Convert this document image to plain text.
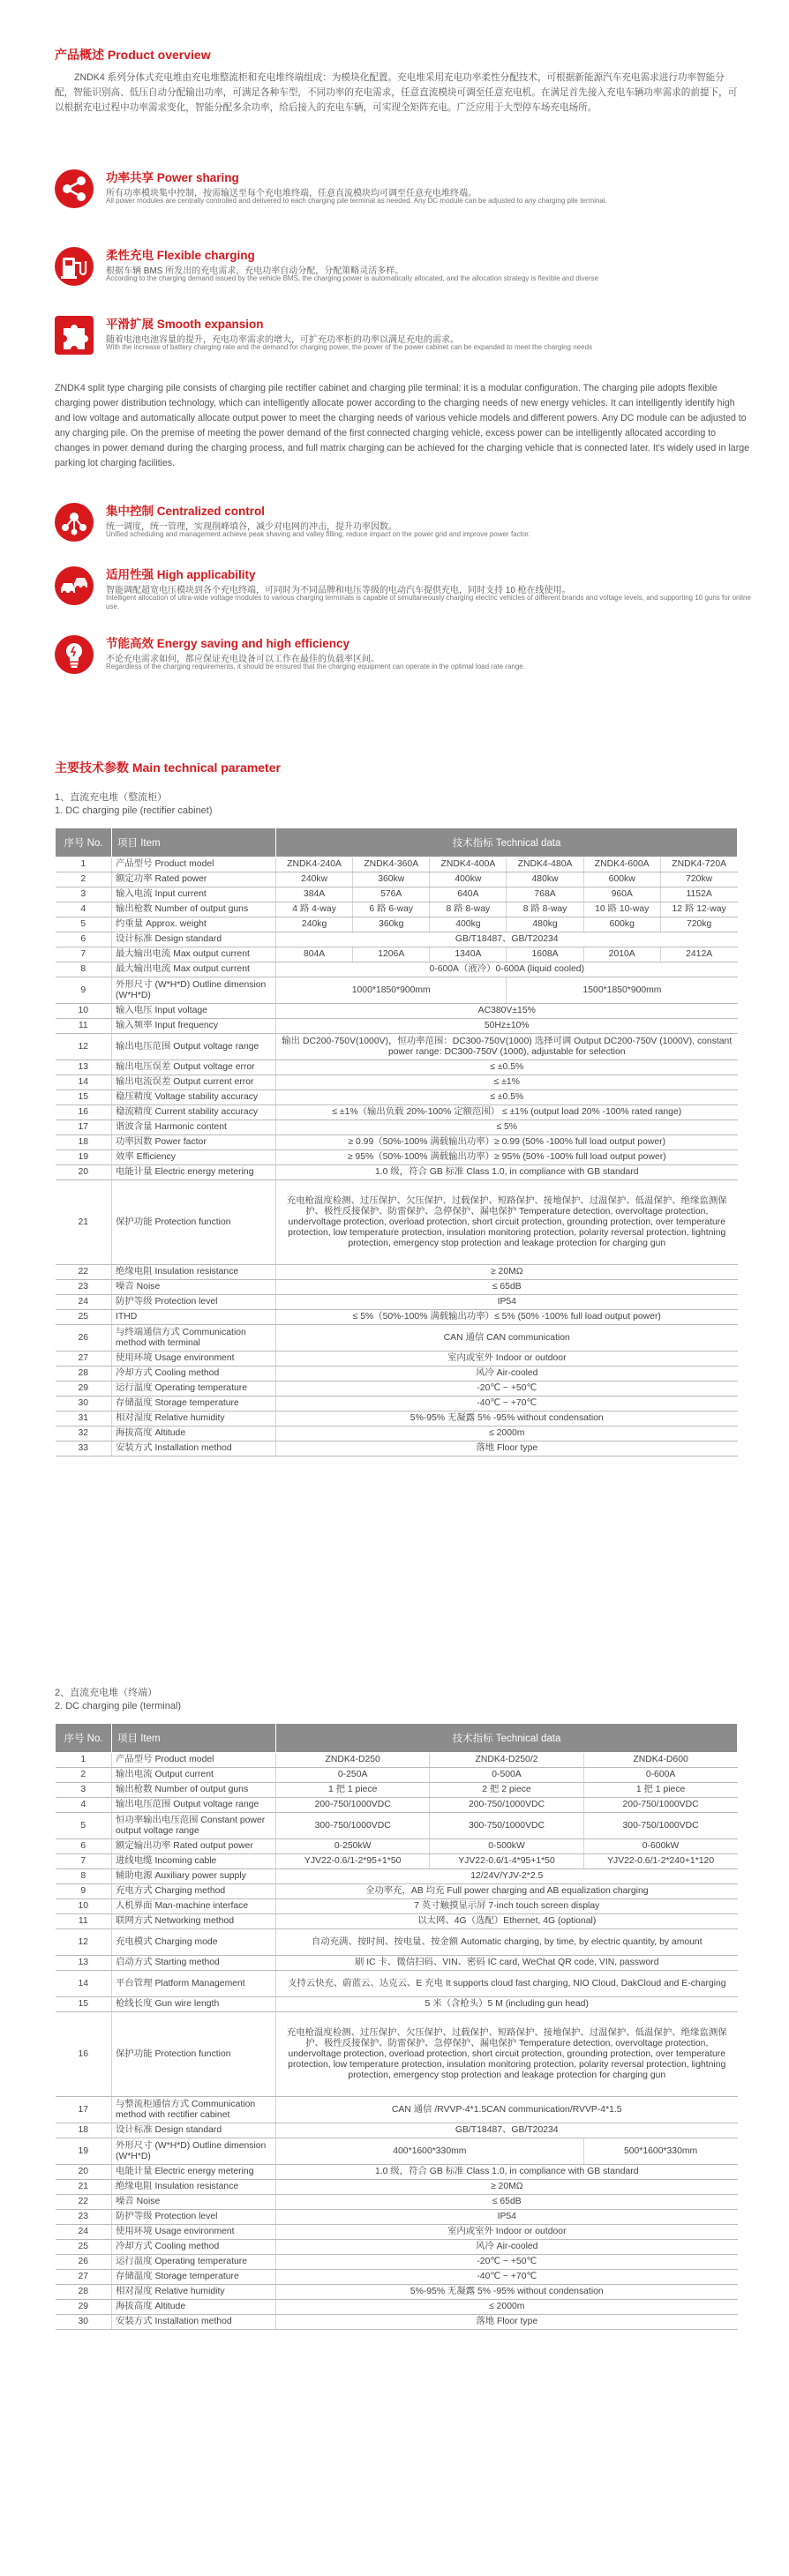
产品概述 Product overview
ZNDK4 系列分体式充电堆由充电堆整流柜和充电堆终端组成：为模块化配置。充电堆采用充电功率柔性分配技术，可根据新能源汽车充电需求进行功率智能分配，智能识别高、低压自动分配输出功率，可满足各种车型，不同功率的充电需求，任意直流模块可调至任意充电机。在满足首先接入充电车辆功率需求的前提下，可以根据充电过程中功率需求变化，智能分配多余功率，给后接入的充电车辆，可实现全矩阵充电。广泛应用于大型停车场充电场所。
功率共享 Power sharing
所有功率模块集中控制，按需输送至每个充电堆终端，任意直流模块均可调至任意充电堆终端。
All power modules are centrally controlled and delivered to each charging pile terminal as needed. Any DC module can be adjusted to any charging pile terminal.
柔性充电 Flexible charging
根据车辆 BMS 所发出的充电需求，充电功率自动分配，分配策略灵活多样。
According to the charging demand issued by the vehicle BMS, the charging power is automatically allocated, and the allocation strategy is flexible and diverse
平滑扩展 Smooth expansion
随着电池电池容量的提升，充电功率需求的增大，可扩充功率柜的功率以满足充电的需求。
With the increase of battery charging rate and the demand for charging power, the power of the power cabinet can be expanded to meet the charging needs
ZNDK4 split type charging pile consists of charging pile rectifier cabinet and charging pile terminal: it is a modular configuration. The charging pile adopts flexible charging power distribution technology, which can intelligently allocate power according to the charging needs of new energy vehicles. It can intelligently identify high and low voltage and automatically allocate output power to meet the charging needs of various vehicle models and different powers. Any DC module can be adjusted to any charging pile. On the premise of meeting the power demand of the first connected charging vehicle, excess power can be intelligently allocated according to changes in power demand during the charging process, and full matrix charging can be achieved for the charging vehicle that is connected later. It's widely used in large parking lot charging facilities.
集中控制 Centralized control
统一调度，统一管理，实现削峰填谷，减少对电网的冲击，提升功率因数。
Unified scheduling and management achieve peak shaving and valley filling, reduce impact on the power grid and improve power factor.
适用性强 High applicability
智能调配超宽电压模块到各个充电终端，可同时为不同品牌和电压等级的电动汽车提供充电，同时支持 10 枪在线使用。
Intelligent allocation of ultra-wide voltage modules to various charging terminals is capable of simultaneously charging electric vehicles of different brands and voltage levels, and supporting 10 guns for online use.
节能高效 Energy saving and high efficiency
不论充电需求如何，都应保证充电设备可以工作在最佳的负载率区间。
Regardless of the charging requirements, it should be ensured that the charging equipment can operate in the optimal load rate range.
主要技术参数 Main technical parameter
1、直流充电堆（整流柜）
1. DC charging pile (rectifier cabinet)
序号 No.	项目 Item	技术指标 Technical data					
1	产品型号 Product model	ZNDK4-240A	ZNDK4-360A	ZNDK4-400A	ZNDK4-480A	ZNDK4-600A	ZNDK4-720A
2	额定功率 Rated power	240kw	360kw	400kw	480kw	600kw	720kw
3	输入电流 Input current	384A	576A	640A	768A	960A	1152A
4	输出枪数 Number of output guns	4 路 4-way	6 路 6-way	8 路 8-way	8 路 8-way	10 路 10-way	12 路 12-way
5	约重量 Approx. weight	240kg	360kg	400kg	480kg	600kg	720kg
6	设计标准 Design standard	GB/T18487、GB/T20234					
7	最大输出电流 Max output current	804A	1206A	1340A	1608A	2010A	2412A
8	最大输出电流 Max output current	0-600A（液冷）0-600A (liquid cooled)					
9	外形尺寸 (W*H*D) Outline dimension (W*H*D)	1000*1850*900mm			1500*1850*900mm		
10	输入电压 Input voltage	AC380V±15%					
11	输入频率 Input frequency	50Hz±10%					
12	输出电压范围 Output voltage range	输出 DC200-750V(1000V)，恒功率范围：DC300-750V(1000) 选择可调 Output DC200-750V (1000V), constant power range: DC300-750V (1000), adjustable for selection					
13	输出电压误差 Output voltage error	≤ ±0.5%					
14	输出电流误差 Output current error	≤ ±1%					
15	稳压精度 Voltage stability accuracy	≤ ±0.5%					
16	稳流精度 Current stability accuracy	≤ ±1%（输出负载 20%-100% 定额范围） ≤ ±1% (output load 20% -100% rated range)					
17	谐波含量 Harmonic content	≤ 5%					
18	功率因数 Power factor	≥ 0.99（50%-100% 满载输出功率）≥ 0.99 (50% -100% full load output power)					
19	效率 Efficiency	≥ 95%（50%-100% 满载输出功率）≥ 95% (50% -100% full load output power)					
20	电能计量 Electric energy metering	1.0 级，符合 GB 标准 Class 1.0, in compliance with GB standard					
21	保护功能 Protection function	充电枪温度检测、过压保护、欠压保护、过载保护、短路保护、接地保护、过温保护、低温保护、绝缘监测保护、极性反接保护、防雷保护、急停保护、漏电保护 Temperature detection, overvoltage protection, undervoltage protection, overload protection, short circuit protection, grounding protection, over temperature protection, low temperature protection, insulation monitoring protection, polarity reversal protection, lightning protection, emergency stop protection and leakage protection for charging gun					
22	绝缘电阻 Insulation resistance	≥ 20MΩ					
23	噪音 Noise	≤ 65dB					
24	防护等级 Protection level	IP54					
25	ITHD	≤ 5%（50%-100% 满载输出功率）≤ 5% (50% -100% full load output power)					
26	与终端通信方式 Communication method with terminal	CAN 通信 CAN communication					
27	使用环境 Usage environment	室内或室外 Indoor or outdoor					
28	冷却方式 Cooling method	风冷 Air-cooled					
29	运行温度 Operating temperature	-20℃ ~ +50℃					
30	存储温度 Storage temperature	-40℃ ~ +70℃					
31	相对湿度 Relative humidity	5%-95% 无凝露 5% -95% without condensation					
32	海拔高度 Altitude	≤ 2000m					
33	安装方式 Installation method	落地 Floor type					
2、直流充电堆（终端）
2. DC charging pile (terminal)
序号 No.	项目 Item	技术指标 Technical data		
1	产品型号 Product model	ZNDK4-D250	ZNDK4-D250/2	ZNDK4-D600
2	输出电流 Output current	0-250A	0-500A	0-600A
3	输出枪数 Number of output guns	1 把 1 piece	2 把 2 piece	1 把 1 piece
4	输出电压范围 Output voltage range	200-750/1000VDC	200-750/1000VDC	200-750/1000VDC
5	恒功率输出电压范围 Constant power output voltage range	300-750/1000VDC	300-750/1000VDC	300-750/1000VDC
6	额定输出功率 Rated output power	0-250kW	0-500kW	0-600kW
7	进线电缆 Incoming cable	YJV22-0.6/1-2*95+1*50	YJV22-0.6/1-4*95+1*50	YJV22-0.6/1-2*240+1*120
8	辅助电源 Auxiliary power supply	12/24V/YJV-2*2.5		
9	充电方式 Charging method	全功率充，AB 均充 Full power charging and AB equalization charging		
10	人机界面 Man-machine interface	7 英寸触摸显示屏 7-inch touch screen display		
11	联网方式 Networking method	以太网、4G（选配）Ethernet, 4G (optional)		
12	充电模式 Charging mode	自动充满、按时间、按电量、按金额 Automatic charging, by time, by electric quantity, by amount		
13	启动方式 Starting method	刷 IC 卡、微信扫码、VIN、密码 IC card, WeChat QR code, VIN, password		
14	平台管理 Platform Management	支持云快充、蔚蓝云、达克云、E 充电 It supports cloud fast charging, NIO Cloud, DakCloud and E-charging		
15	枪线长度 Gun wire length	5 米（含枪头）5 M (including gun head)		
16	保护功能 Protection function	充电枪温度检测、过压保护、欠压保护、过载保护、短路保护、接地保护、过温保护、低温保护、绝缘监测保护、极性反接保护、防雷保护、急停保护、漏电保护 Temperature detection, overvoltage protection, undervoltage protection, overload protection, short circuit protection, grounding protection, over temperature protection, low temperature protection, insulation monitoring protection, polarity reversal protection, lightning protection, emergency stop protection and leakage protection for charging gun		
17	与整流柜通信方式 Communication method with rectifier cabinet	CAN 通信 /RVVP-4*1.5CAN communication/RVVP-4*1.5		
18	设计标准 Design standard	GB/T18487、GB/T20234		
19	外形尺寸 (W*H*D) Outline dimension (W*H*D)	400*1600*330mm		500*1600*330mm
20	电能计量 Electric energy metering	1.0 级，符合 GB 标准 Class 1.0, in compliance with GB standard		
21	绝缘电阻 Insulation resistance	≥ 20MΩ		
22	噪音 Noise	≤ 65dB		
23	防护等级 Protection level	IP54		
24	使用环境 Usage environment	室内或室外 Indoor or outdoor		
25	冷却方式 Cooling method	风冷 Air-cooled		
26	运行温度 Operating temperature	-20℃ ~ +50℃		
27	存储温度 Storage temperature	-40℃ ~ +70℃		
28	相对湿度 Relative humidity	5%-95% 无凝露 5% -95% without condensation		
29	海拔高度 Altitude	≤ 2000m		
30	安装方式 Installation method	落地 Floor type		
